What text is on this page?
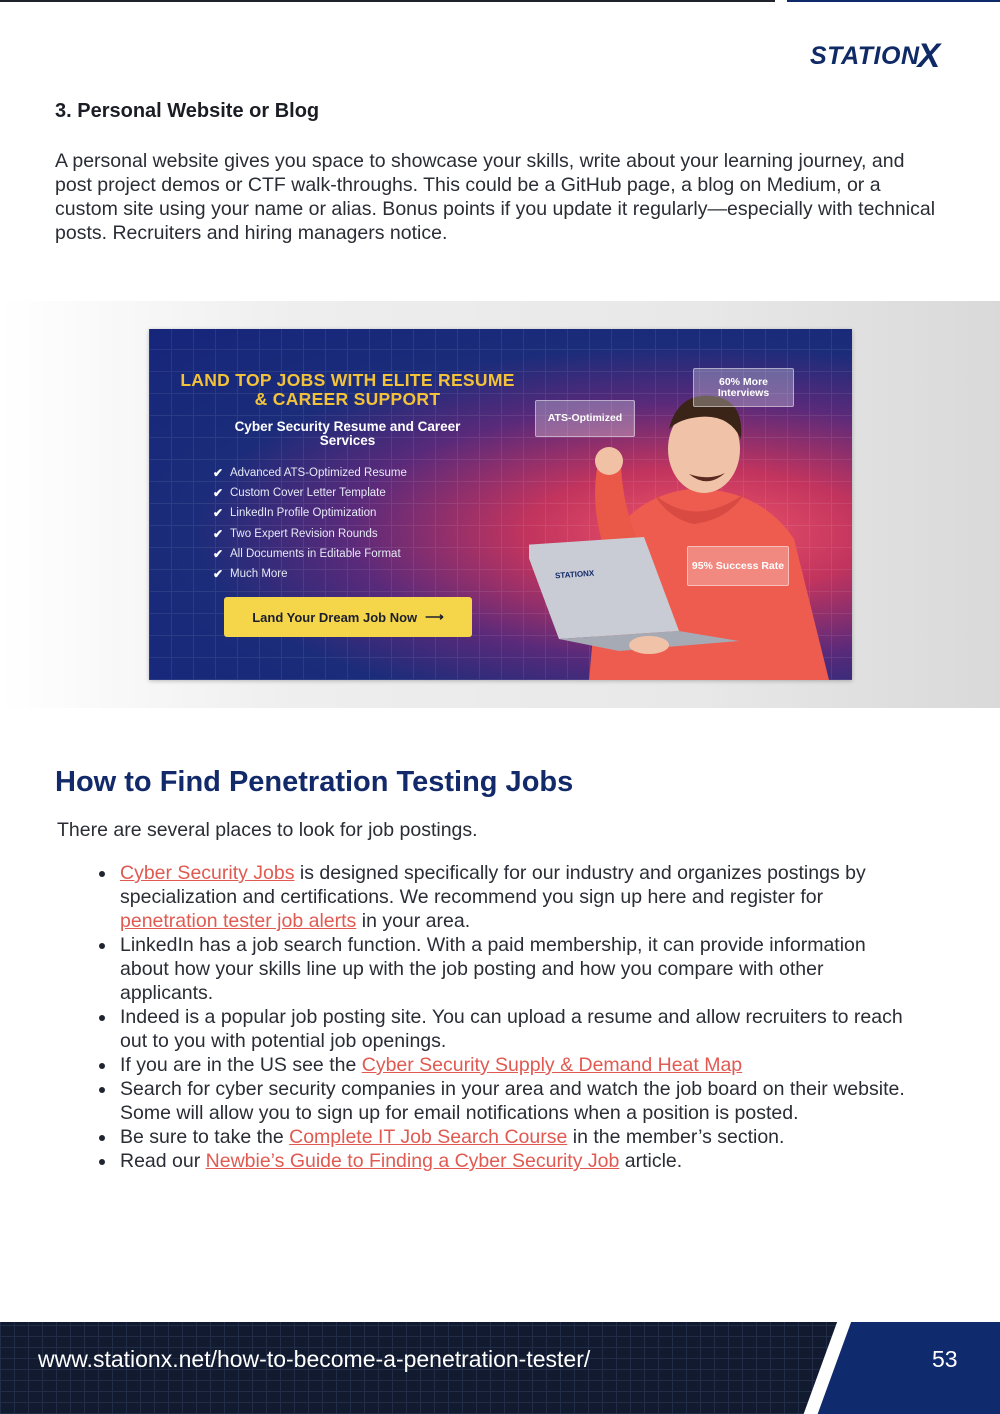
STATION
X
3. Personal Website or Blog
A personal website gives you space to showcase your skills, write about your learning journey, and post project demos or CTF walk-throughs. This could be a GitHub page, a blog on Medium, or a custom site using your name or alias. Bonus points if you update it regularly—especially with technical posts. Recruiters and hiring managers notice.
STATIONX
LAND TOP JOBS WITH ELITE RESUME & CAREER SUPPORT
Cyber Security Resume and Career Services
✔ Advanced ATS-Optimized Resume
✔ Custom Cover Letter Template
✔ LinkedIn Profile Optimization
✔ Two Expert Revision Rounds
✔ All Documents in Editable Format
✔ Much More
Land Your Dream Job Now ⟶
ATS-Optimized
60% More Interviews
95% Success Rate
How to Find Penetration Testing Jobs
There are several places to look for job postings.
Cyber Security Jobs is designed specifically for our industry and organizes postings by specialization and certifications. We recommend you sign up here and register for penetration tester job alerts in your area.
LinkedIn has a job search function. With a paid membership, it can provide information about how your skills line up with the job posting and how you compare with other applicants.
Indeed is a popular job posting site. You can upload a resume and allow recruiters to reach out to you with potential job openings.
If you are in the US see the Cyber Security Supply & Demand Heat Map
Search for cyber security companies in your area and watch the job board on their website. Some will allow you to sign up for email notifications when a position is posted.
Be sure to take the Complete IT Job Search Course in the member’s section.
Read our Newbie’s Guide to Finding a Cyber Security Job article.
www.stationx.net/how-to-become-a-penetration-tester/	53
